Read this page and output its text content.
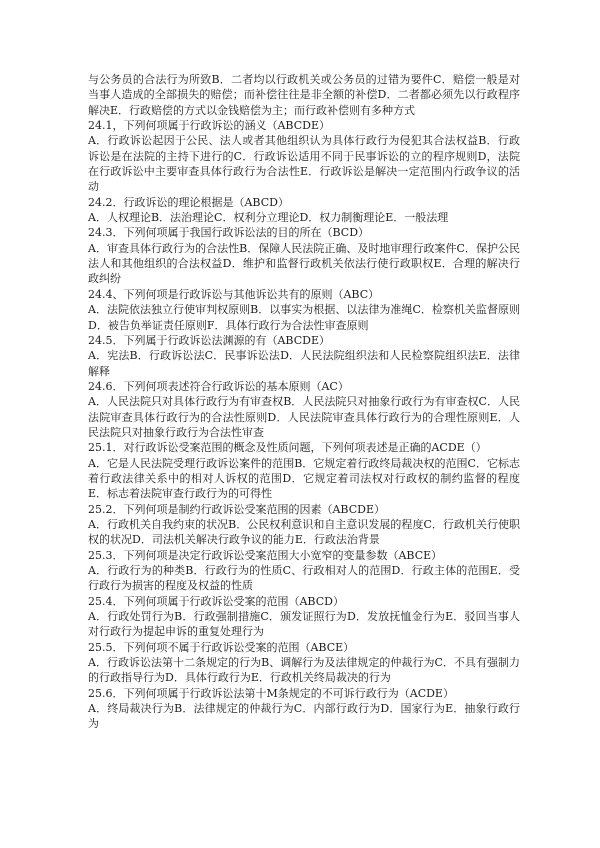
与公务员的合法行为所致B．二者均以行政机关或公务员的过错为要件C．赔偿一般是对当事人造成的全部损失的赔偿；而补偿往往是非全额的补偿D．二者都必须先以行政程序解决E．行政赔偿的方式以金钱赔偿为主；而行政补偿则有多种方式

24.1，下列何项属于行政诉讼的涵义（ABCDE）

A．行政诉讼起因于公民、法人或者其他组织认为具体行政行为侵犯其合法权益B．行政诉讼是在法院的主持下进行的C．行政诉讼适用不同于民事诉讼的立的程序规则D，法院在行政诉讼中主要审查具体行政行为合法性E．行政诉讼是解决一定范围内行政争议的活动

24.2．行政诉讼的理论根据是（ABCD）

A．人权理论B．法治理论C．权利分立理论D．权力制衡理论E．一般法理

24.3．下列何项属于我国行政诉讼法的目的所在（BCD）

A．审查具体行政行为的合法性B．保障人民法院正确、及时地审理行政案件C．保护公民法人和其他组织的合法权益D．维护和监督行政机关依法行使行政职权E．合理的解决行政纠纷

24.4、下列何项是行政诉讼与其他诉讼共有的原则（ABC）

A．法院依法独立行使审判权原则B．以事实为根据、以法律为准绳C．检察机关监督原则D．被告负举证责任原则F．具体行政行为合法性审查原则

24.5．下列属于行政诉讼法渊源的有（ABCDE）

A．宪法B．行政诉讼法C．民事诉讼法D．人民法院组织法和人民检察院组织法E．法律解释

24.6．下列何项表述符合行政诉讼的基本原则（AC）

A．人民法院只对具体行政行为有审查权B．人民法院只对抽象行政行为有审查权C．人民法院审查具体行政行为的合法性原则D．人民法院审查具体行政行为的合理性原则E．人民法院只对抽象行政行为合法性审查

25.1．对行政诉讼受案范围的概念及性质问题，下列何项表述是正确的ACDE（）

A．它是人民法院受理行政诉讼案件的范围B．它规定着行政终局裁决权的范围C．它标志着行政法律关系中的相对人诉权的范围D．它规定着司法权对行政权的制约监督的程度E．标志着法院审查行政行为的可得性

25.2．下列何项是制约行政诉讼受案范围的因素（ABCDE）

A．行政机关自我约束的状况B．公民权利意识和自主意识发展的程度C．行政机关行使职权的状况D．司法机关解决行政争议的能力E．行政法治背景

25.3．下列何项是决定行政诉讼受案范围大小宽窄的变量参数（ABCE）

A．行政行为的种类B．行政行为的性质C、行政相对人的范围D．行政主体的范围E．受行政行为损害的程度及权益的性质

25.4．下列何项属于行政诉讼受案的范围（ABCD）

A．行政处罚行为B．行政强制措施C．颁发证照行为D．发放抚恤金行为E．驳回当事人对行政行为提起申诉的重复处理行为

25.5．下列何项不属于行政诉讼受案的范围（ABCE）

A．行政诉讼法第十二条规定的行为B、调解行为及法律规定的仲裁行为C．不具有强制力的行政指导行为D．具体行政行为E．行政机关终局裁决的行为

25.6．下列何项属于行政诉讼法第十M条规定的不可诉行政行为（ACDE）

A．终局裁决行为B．法律规定的仲裁行为C．内部行政行为D．国家行为E．抽象行政行为
